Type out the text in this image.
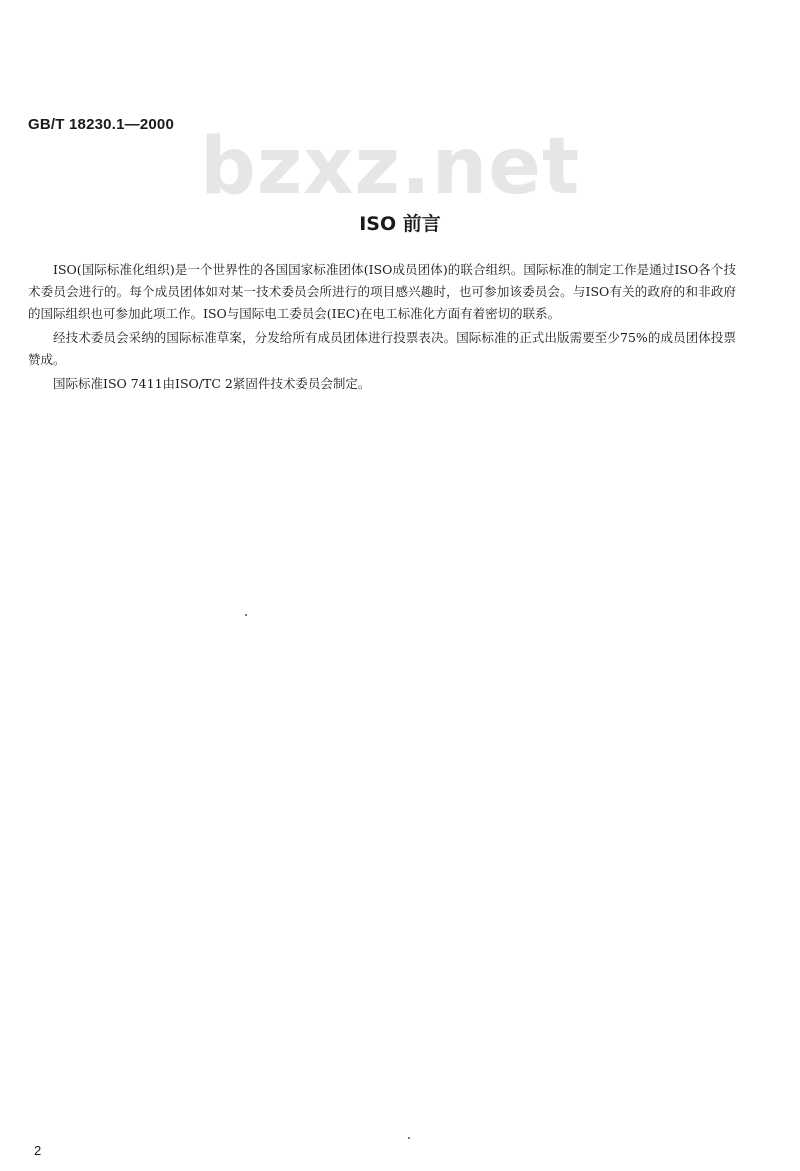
GB/T 18230.1—2000 bzxz.net
ISO 前言

ISO(国际标准化组织)是一个世界性的各国国家标准团体(ISO成员团体)的联合组织。国际标准的制定工作是通过ISO各个技术委员会进行的。每个成员团体如对某一技术委员会所进行的项目感兴趣时，也可参加该委员会。与ISO有关的政府的和非政府的国际组织也可参加此项工作。ISO与国际电工委员会(IEC)在电工标准化方面有着密切的联系。

经技术委员会采纳的国际标准草案，分发给所有成员团体进行投票表决。国际标准的正式出版需要至少75%的成员团体投票赞成。

国际标准ISO 7411由ISO/TC 2紧固件技术委员会制定。

2
